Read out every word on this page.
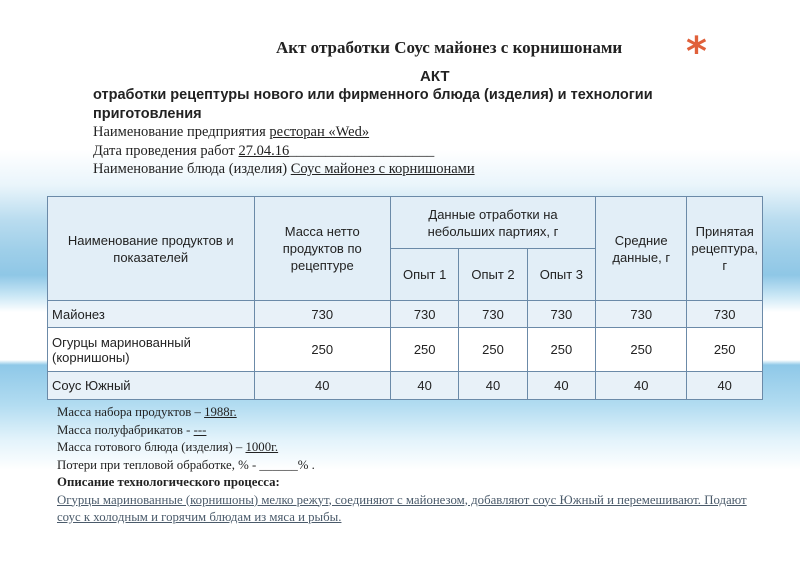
Акт отработки Соус майонез с корнишонами *
АКТ
отработки рецептуры нового или фирменного блюда (изделия) и технологии приготовления
Наименование предприятия ресторан «Wed»
Дата проведения работ 27.04.16____________________
Наименование блюда (изделия) Соус майонез с корнишонами
Наименование продуктов и показателей	Масса нетто продуктов по рецептуре	Данные отработки на небольших партиях, г			Средние данные, г	Принятая рецептура, г
		Опыт 1	Опыт 2	Опыт 3		
Майонез	730	730	730	730	730	730
Огурцы маринованный (корнишоны)	250	250	250	250	250	250
Соус Южный	40	40	40	40	40	40
Масса набора продуктов – 1988г.
Масса полуфабрикатов - ---
Масса готового блюда (изделия) – 1000г.
Потери при тепловой обработке, % - ______% .
Описание технологического процесса:
Огурцы маринованные (корнишоны) мелко режут, соединяют с майонезом, добавляют соус Южный и перемешивают. Подают соус к холодным и горячим блюдам из мяса и рыбы.
